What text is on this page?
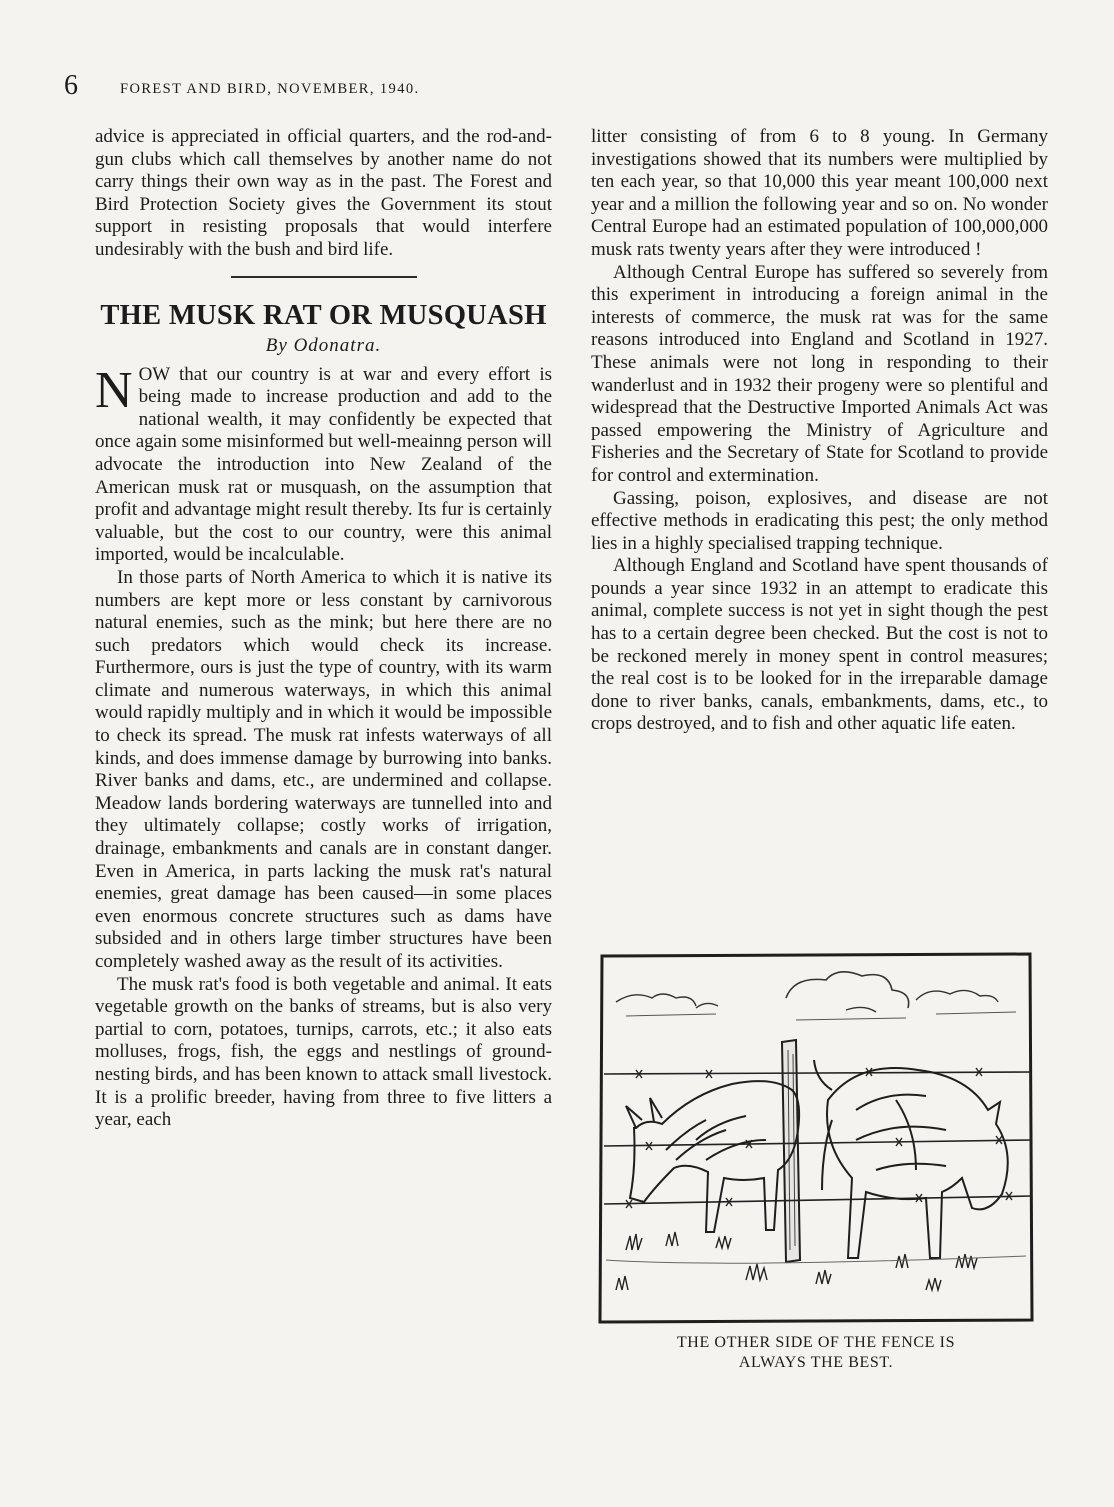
6	FOREST AND BIRD, NOVEMBER, 1940.

advice is appreciated in official quarters, and the rod-and-gun clubs which call themselves by another name do not carry things their own way as in the past. The Forest and Bird Protection Society gives the Government its stout support in resisting proposals that would interfere undesirably with the bush and bird life.

THE MUSK RAT OR MUSQUASH
By Odonatra.
N OW that our country is at war and every effort is being made to increase production and add to the national wealth, it may confidently be expected that once again some misinformed but well-meainng person will advocate the introduction into New Zealand of the American musk rat or musquash, on the assumption that profit and advantage might result thereby. Its fur is certainly valuable, but the cost to our country, were this animal imported, would be incalculable.

In those parts of North America to which it is native its numbers are kept more or less constant by carnivorous natural enemies, such as the mink; but here there are no such predators which would check its increase. Furthermore, ours is just the type of country, with its warm climate and numerous waterways, in which this animal would rapidly multiply and in which it would be impossible to check its spread. The musk rat infests waterways of all kinds, and does immense damage by burrowing into banks. River banks and dams, etc., are undermined and collapse. Meadow lands bordering waterways are tunnelled into and they ultimately collapse; costly works of irrigation, drainage, embankments and canals are in constant danger. Even in America, in parts lacking the musk rat's natural enemies, great damage has been caused—in some places even enormous concrete structures such as dams have subsided and in others large timber structures have been completely washed away as the result of its activities.

The musk rat's food is both vegetable and animal. It eats vegetable growth on the banks of streams, but is also very partial to corn, potatoes, turnips, carrots, etc.; it also eats molluses, frogs, fish, the eggs and nestlings of ground-nesting birds, and has been known to attack small livestock. It is a prolific breeder, having from three to five litters a year, each

litter consisting of from 6 to 8 young. In Germany investigations showed that its numbers were multiplied by ten each year, so that 10,000 this year meant 100,000 next year and a million the following year and so on. No wonder Central Europe had an estimated population of 100,000,000 musk rats twenty years after they were introduced !

Although Central Europe has suffered so severely from this experiment in introducing a foreign animal in the interests of commerce, the musk rat was for the same reasons introduced into England and Scotland in 1927. These animals were not long in responding to their wanderlust and in 1932 their progeny were so plentiful and widespread that the Destructive Imported Animals Act was passed empowering the Ministry of Agriculture and Fisheries and the Secretary of State for Scotland to provide for control and extermination.

Gassing, poison, explosives, and disease are not effective methods in eradicating this pest; the only method lies in a highly specialised trapping technique.

Although England and Scotland have spent thousands of pounds a year since 1932 in an attempt to eradicate this animal, complete success is not yet in sight though the pest has to a certain degree been checked. But the cost is not to be reckoned merely in money spent in control measures; the real cost is to be looked for in the irreparable damage done to river banks, canals, embankments, dams, etc., to crops destroyed, and to fish and other aquatic life eaten.

THE OTHER SIDE OF THE FENCE IS
ALWAYS THE BEST.
